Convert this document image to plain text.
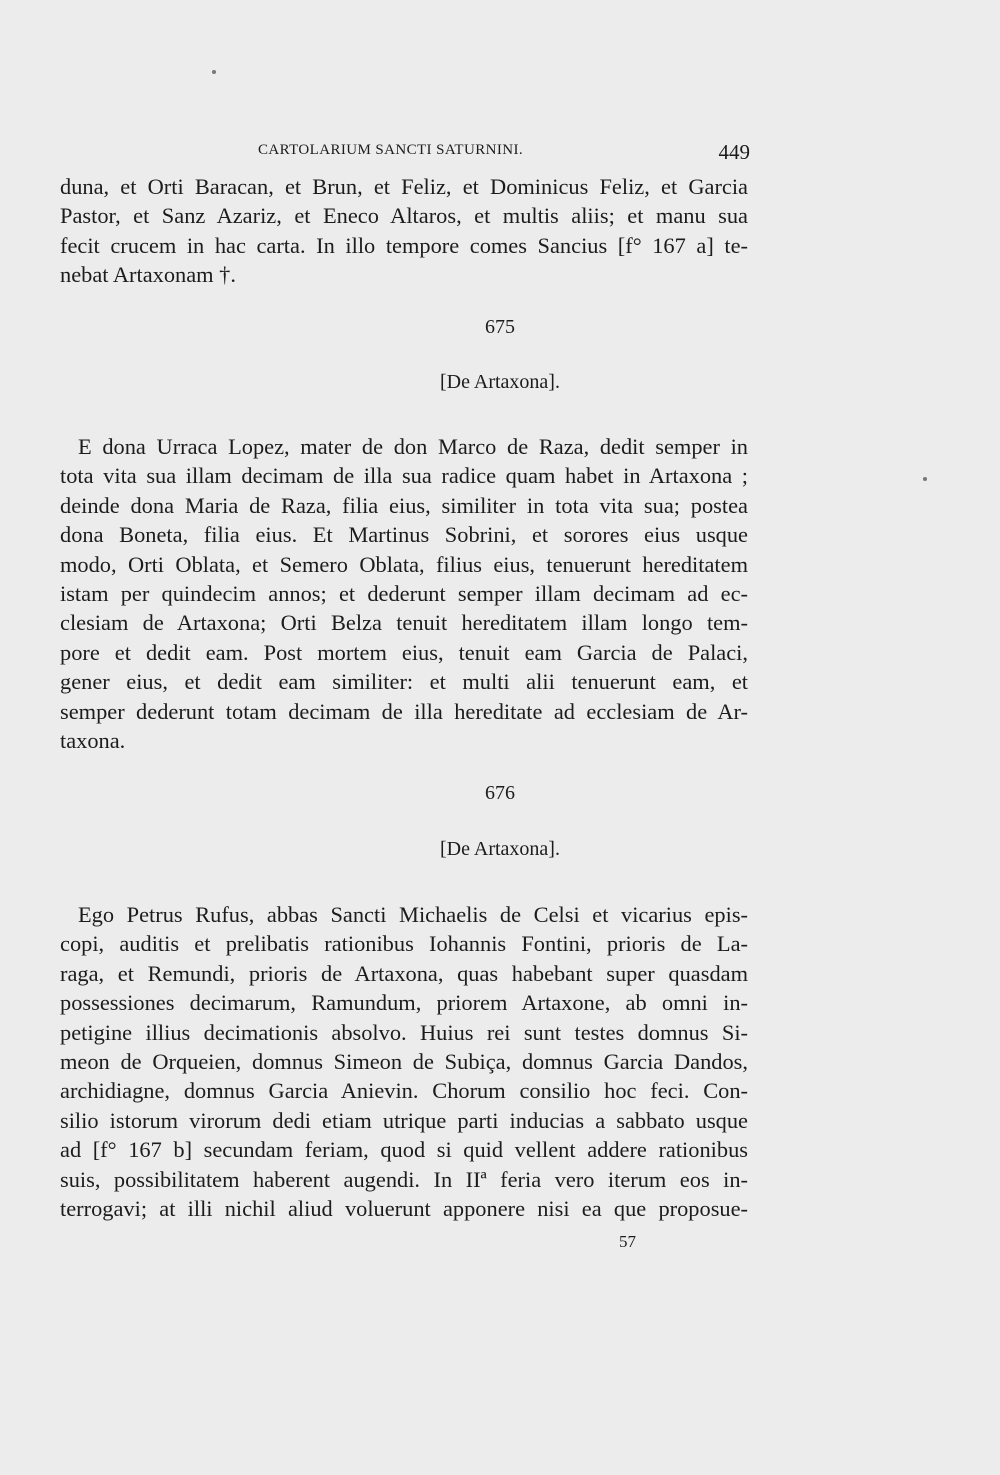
CARTOLARIUM SANCTI SATURNINI.	449
duna, et Orti Baracan, et Brun, et Feliz, et Dominicus Feliz, et Garcia
Pastor, et Sanz Azariz, et Eneco Altaros, et multis aliis; et manu sua
fecit crucem in hac carta. In illo tempore comes Sancius [f° 167 a] te-
nebat Artaxonam †.
675
[De Artaxona].
E dona Urraca Lopez, mater de don Marco de Raza, dedit semper in
tota vita sua illam decimam de illa sua radice quam habet in Artaxona ;
deinde dona Maria de Raza, filia eius, similiter in tota vita sua; postea
dona Boneta, filia eius. Et Martinus Sobrini, et sorores eius usque
modo, Orti Oblata, et Semero Oblata, filius eius, tenuerunt hereditatem
istam per quindecim annos; et dederunt semper illam decimam ad ec-
clesiam de Artaxona; Orti Belza tenuit hereditatem illam longo tem-
pore et dedit eam. Post mortem eius, tenuit eam Garcia de Palaci,
gener eius, et dedit eam similiter: et multi alii tenuerunt eam, et
semper dederunt totam decimam de illa hereditate ad ecclesiam de Ar-
taxona.
676
[De Artaxona].
Ego Petrus Rufus, abbas Sancti Michaelis de Celsi et vicarius epis-
copi, auditis et prelibatis rationibus Iohannis Fontini, prioris de La-
raga, et Remundi, prioris de Artaxona, quas habebant super quasdam
possessiones decimarum, Ramundum, priorem Artaxone, ab omni in-
petigine illius decimationis absolvo. Huius rei sunt testes domnus Si-
meon de Orqueien, domnus Simeon de Subiça, domnus Garcia Dandos,
archidiagne, domnus Garcia Anievin. Chorum consilio hoc feci. Con-
silio istorum virorum dedi etiam utrique parti inducias a sabbato usque
ad [f° 167 b] secundam feriam, quod si quid vellent addere rationibus
suis, possibilitatem haberent augendi. In IIª feria vero iterum eos in-
terrogavi; at illi nichil aliud voluerunt apponere nisi ea que proposue-
57
